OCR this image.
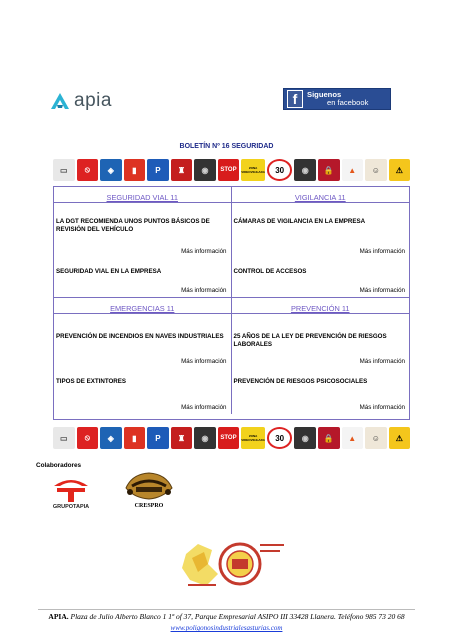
apia	f	Siguenos
en facebook
BOLETÍN Nº 16 SEGURIDAD
▭	⦸	◈	▮	P	♜	◉	STOP	ZONA VIDEOVIGILADA	30	◉	🔒	▲	☺	⚠
▭	⦸	◈	▮	P	♜	◉	STOP	ZONA VIDEOVIGILADA	30	◉	🔒	▲	☺	⚠
SEGURIDAD VIAL 11	VIGILANCIA 11
LA DGT RECOMIENDA UNOS PUNTOS BÁSICOS DE REVISIÓN DEL VEHÍCULO
Más información
CÁMARAS DE VIGILANCIA EN LA EMPRESA
Más información
SEGURIDAD VIAL EN LA EMPRESA
Más información
CONTROL DE ACCESOS
Más información
EMERGENCIAS 11	PREVENCIÓN 11
PREVENCIÓN DE INCENDIOS EN NAVES INDUSTRIALES
Más información
25 AÑOS DE LA LEY DE PREVENCIÓN DE RIESGOS LABORALES
Más información
TIPOS DE EXTINTORES
Más información
PREVENCIÓN DE RIESGOS PSICOSOCIALES
Más información
Colaboradores
GRUPOTAPIA	CRESPRO
APIA. Plaza de Julio Alberto Blanco 1 1ª of 37, Parque Empresarial ASIPO III 33428 Llanera. Teléfono 985 73 20 68
www.poligonosindustrialesasturias.com
